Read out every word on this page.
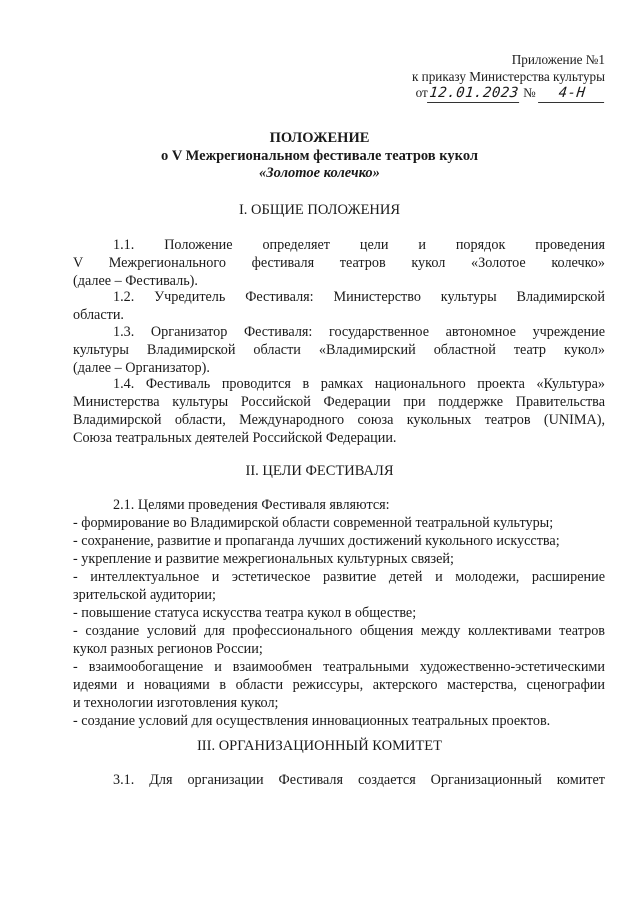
Приложение №1
к приказу Министерства культуры
от12.01.2023 № 4-Н
ПОЛОЖЕНИЕ
о V Межрегиональном фестивале театров кукол
«Золотое колечко»
I. ОБЩИЕ ПОЛОЖЕНИЯ
1.1. Положение определяет цели и порядок проведения
V Межрегионального фестиваля театров кукол «Золотое колечко»
(далее – Фестиваль).
1.2. Учредитель Фестиваля: Министерство культуры Владимирской
области.
1.3. Организатор Фестиваля: государственное автономное учреждение
культуры Владимирской области «Владимирский областной театр кукол»
(далее – Организатор).
1.4. Фестиваль проводится в рамках национального проекта «Культура»
Министерства культуры Российской Федерации при поддержке Правительства
Владимирской области, Международного союза кукольных театров (UNIMA),
Союза театральных деятелей Российской Федерации.
II. ЦЕЛИ ФЕСТИВАЛЯ
2.1. Целями проведения Фестиваля являются:
- формирование во Владимирской области современной театральной культуры;
- сохранение, развитие и пропаганда лучших достижений кукольного искусства;
- укрепление и развитие межрегиональных культурных связей;
- интеллектуальное и эстетическое развитие детей и молодежи, расширение
зрительской аудитории;
- повышение статуса искусства театра кукол в обществе;
- создание условий для профессионального общения между коллективами театров
кукол разных регионов России;
- взаимообогащение и взаимообмен театральными художественно-эстетическими
идеями и новациями в области режиссуры, актерского мастерства, сценографии
и технологии изготовления кукол;
- создание условий для осуществления инновационных театральных проектов.
III. ОРГАНИЗАЦИОННЫЙ КОМИТЕТ
3.1. Для организации Фестиваля создается Организационный комитет
